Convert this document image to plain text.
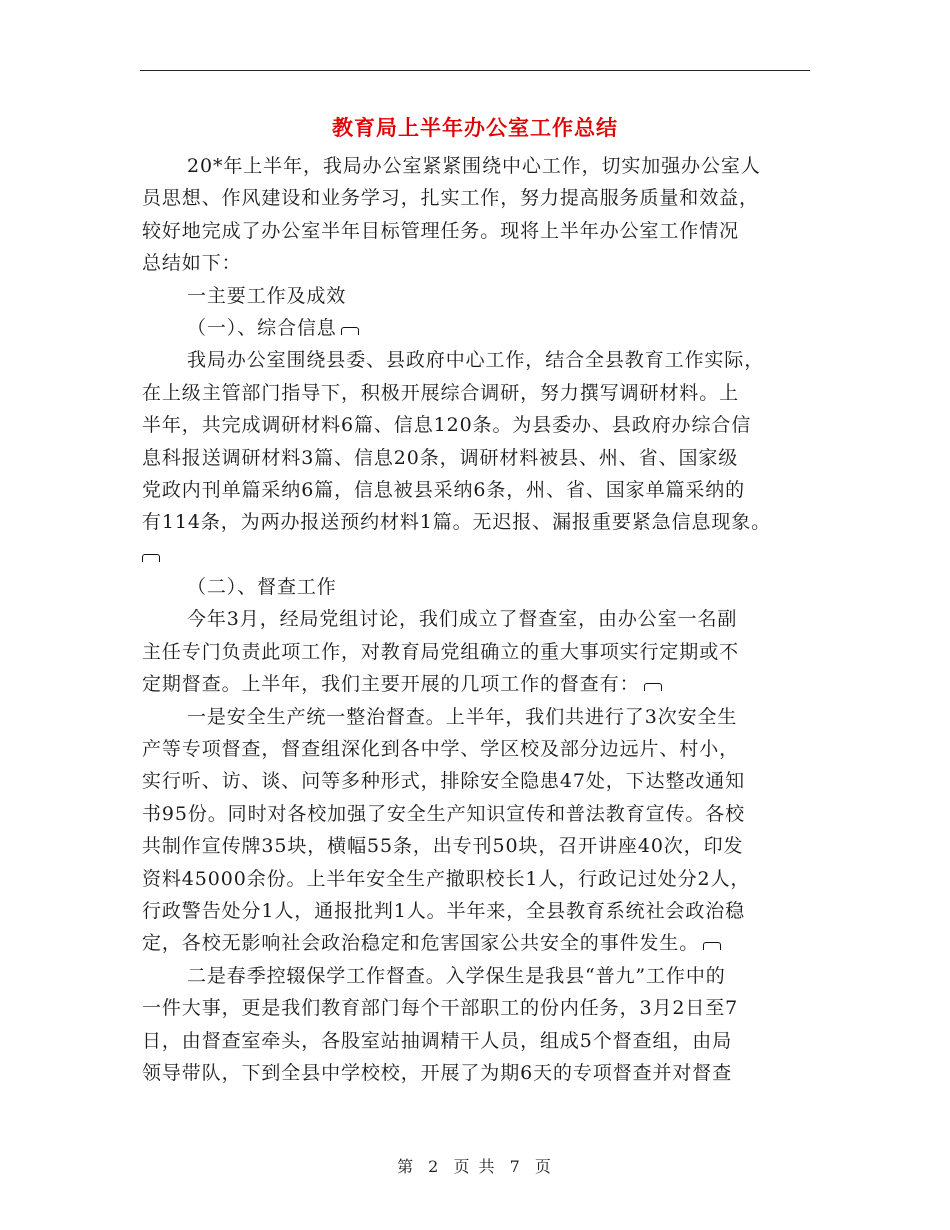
教育局上半年办公室工作总结
20*年上半年，我局办公室紧紧围绕中心工作，切实加强办公室人
员思想、作风建设和业务学习，扎实工作，努力提高服务质量和效益，
较好地完成了办公室半年目标管理任务。现将上半年办公室工作情况
总结如下：
一主要工作及成效
（一）、综合信息
我局办公室围绕县委、县政府中心工作，结合全县教育工作实际，
在上级主管部门指导下，积极开展综合调研，努力撰写调研材料。上
半年，共完成调研材料6篇、信息120条。为县委办、县政府办综合信
息科报送调研材料3篇、信息20条，调研材料被县、州、省、国家级
党政内刊单篇采纳6篇，信息被县采纳6条，州、省、国家单篇采纳的
有114条，为两办报送预约材料1篇。无迟报、漏报重要紧急信息现象。
（二）、督查工作
今年3月，经局党组讨论，我们成立了督查室，由办公室一名副
主任专门负责此项工作，对教育局党组确立的重大事项实行定期或不
定期督查。上半年，我们主要开展的几项工作的督查有：
一是安全生产统一整治督查。上半年，我们共进行了3次安全生
产等专项督查，督查组深化到各中学、学区校及部分边远片、村小，
实行听、访、谈、问等多种形式，排除安全隐患47处，下达整改通知
书95份。同时对各校加强了安全生产知识宣传和普法教育宣传。各校
共制作宣传牌35块，横幅55条，出专刊50块，召开讲座40次，印发
资料45000余份。上半年安全生产撤职校长1人，行政记过处分2人，
行政警告处分1人，通报批判1人。半年来，全县教育系统社会政治稳
定，各校无影响社会政治稳定和危害国家公共安全的事件发生。
二是春季控辍保学工作督查。入学保生是我县“普九”工作中的
一件大事，更是我们教育部门每个干部职工的份内任务，3月2日至7
日，由督查室牵头，各股室站抽调精干人员，组成5个督查组，由局
领导带队，下到全县中学校校，开展了为期6天的专项督查并对督查
第 2 页 共 7 页
